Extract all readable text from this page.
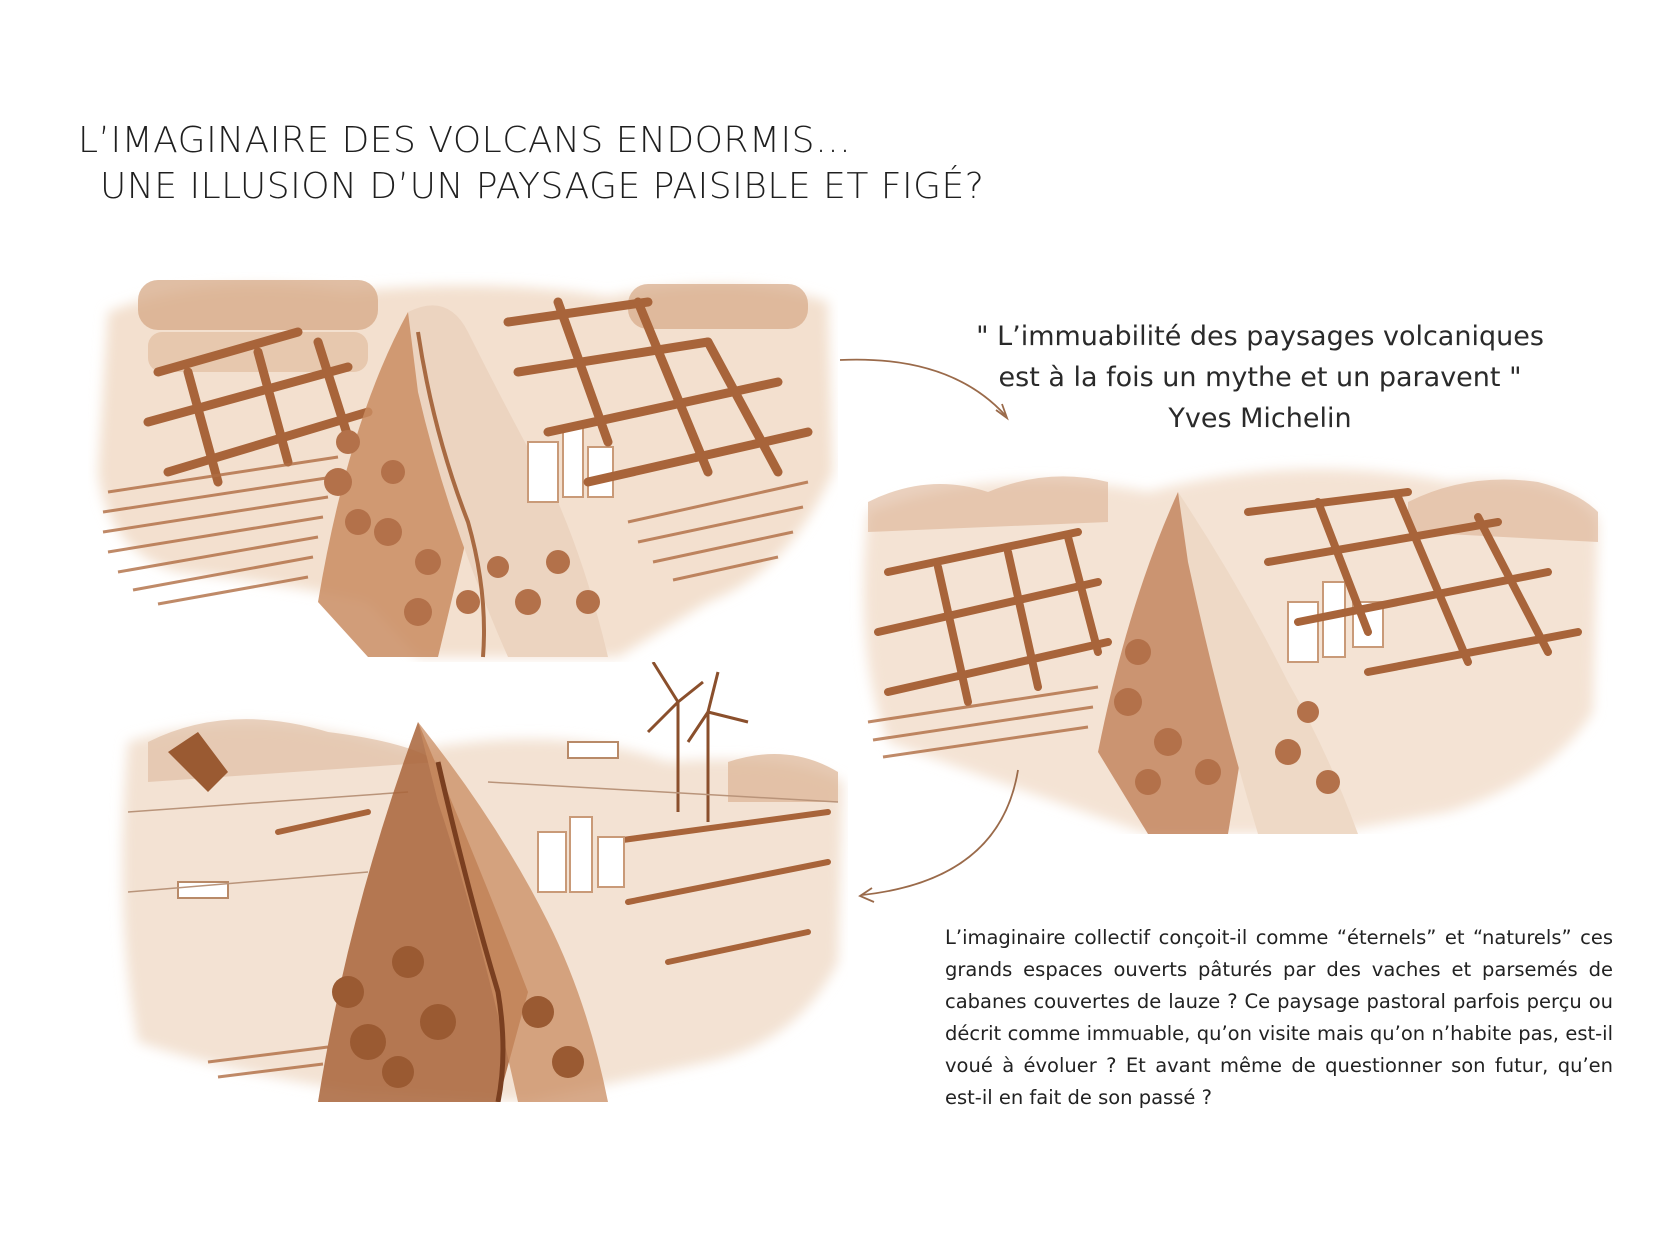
L’IMAGINAIRE DES VOLCANS ENDORMIS…
UNE ILLUSION D’UN PAYSAGE PAISIBLE ET FIGÉ?
" L’immuabilité des paysages volcaniques
est à la fois un mythe et un paravent "
Yves Michelin
L’imaginaire collectif conçoit-il comme “éternels” et “naturels” ces grands espaces ouverts pâturés par des vaches et parsemés de cabanes couvertes de lauze ? Ce paysage pastoral parfois perçu ou décrit comme immuable, qu’on visite mais qu’on n’habite pas, est-il voué à évoluer ? Et avant même de questionner son futur, qu’en est-il en fait de son passé ?
